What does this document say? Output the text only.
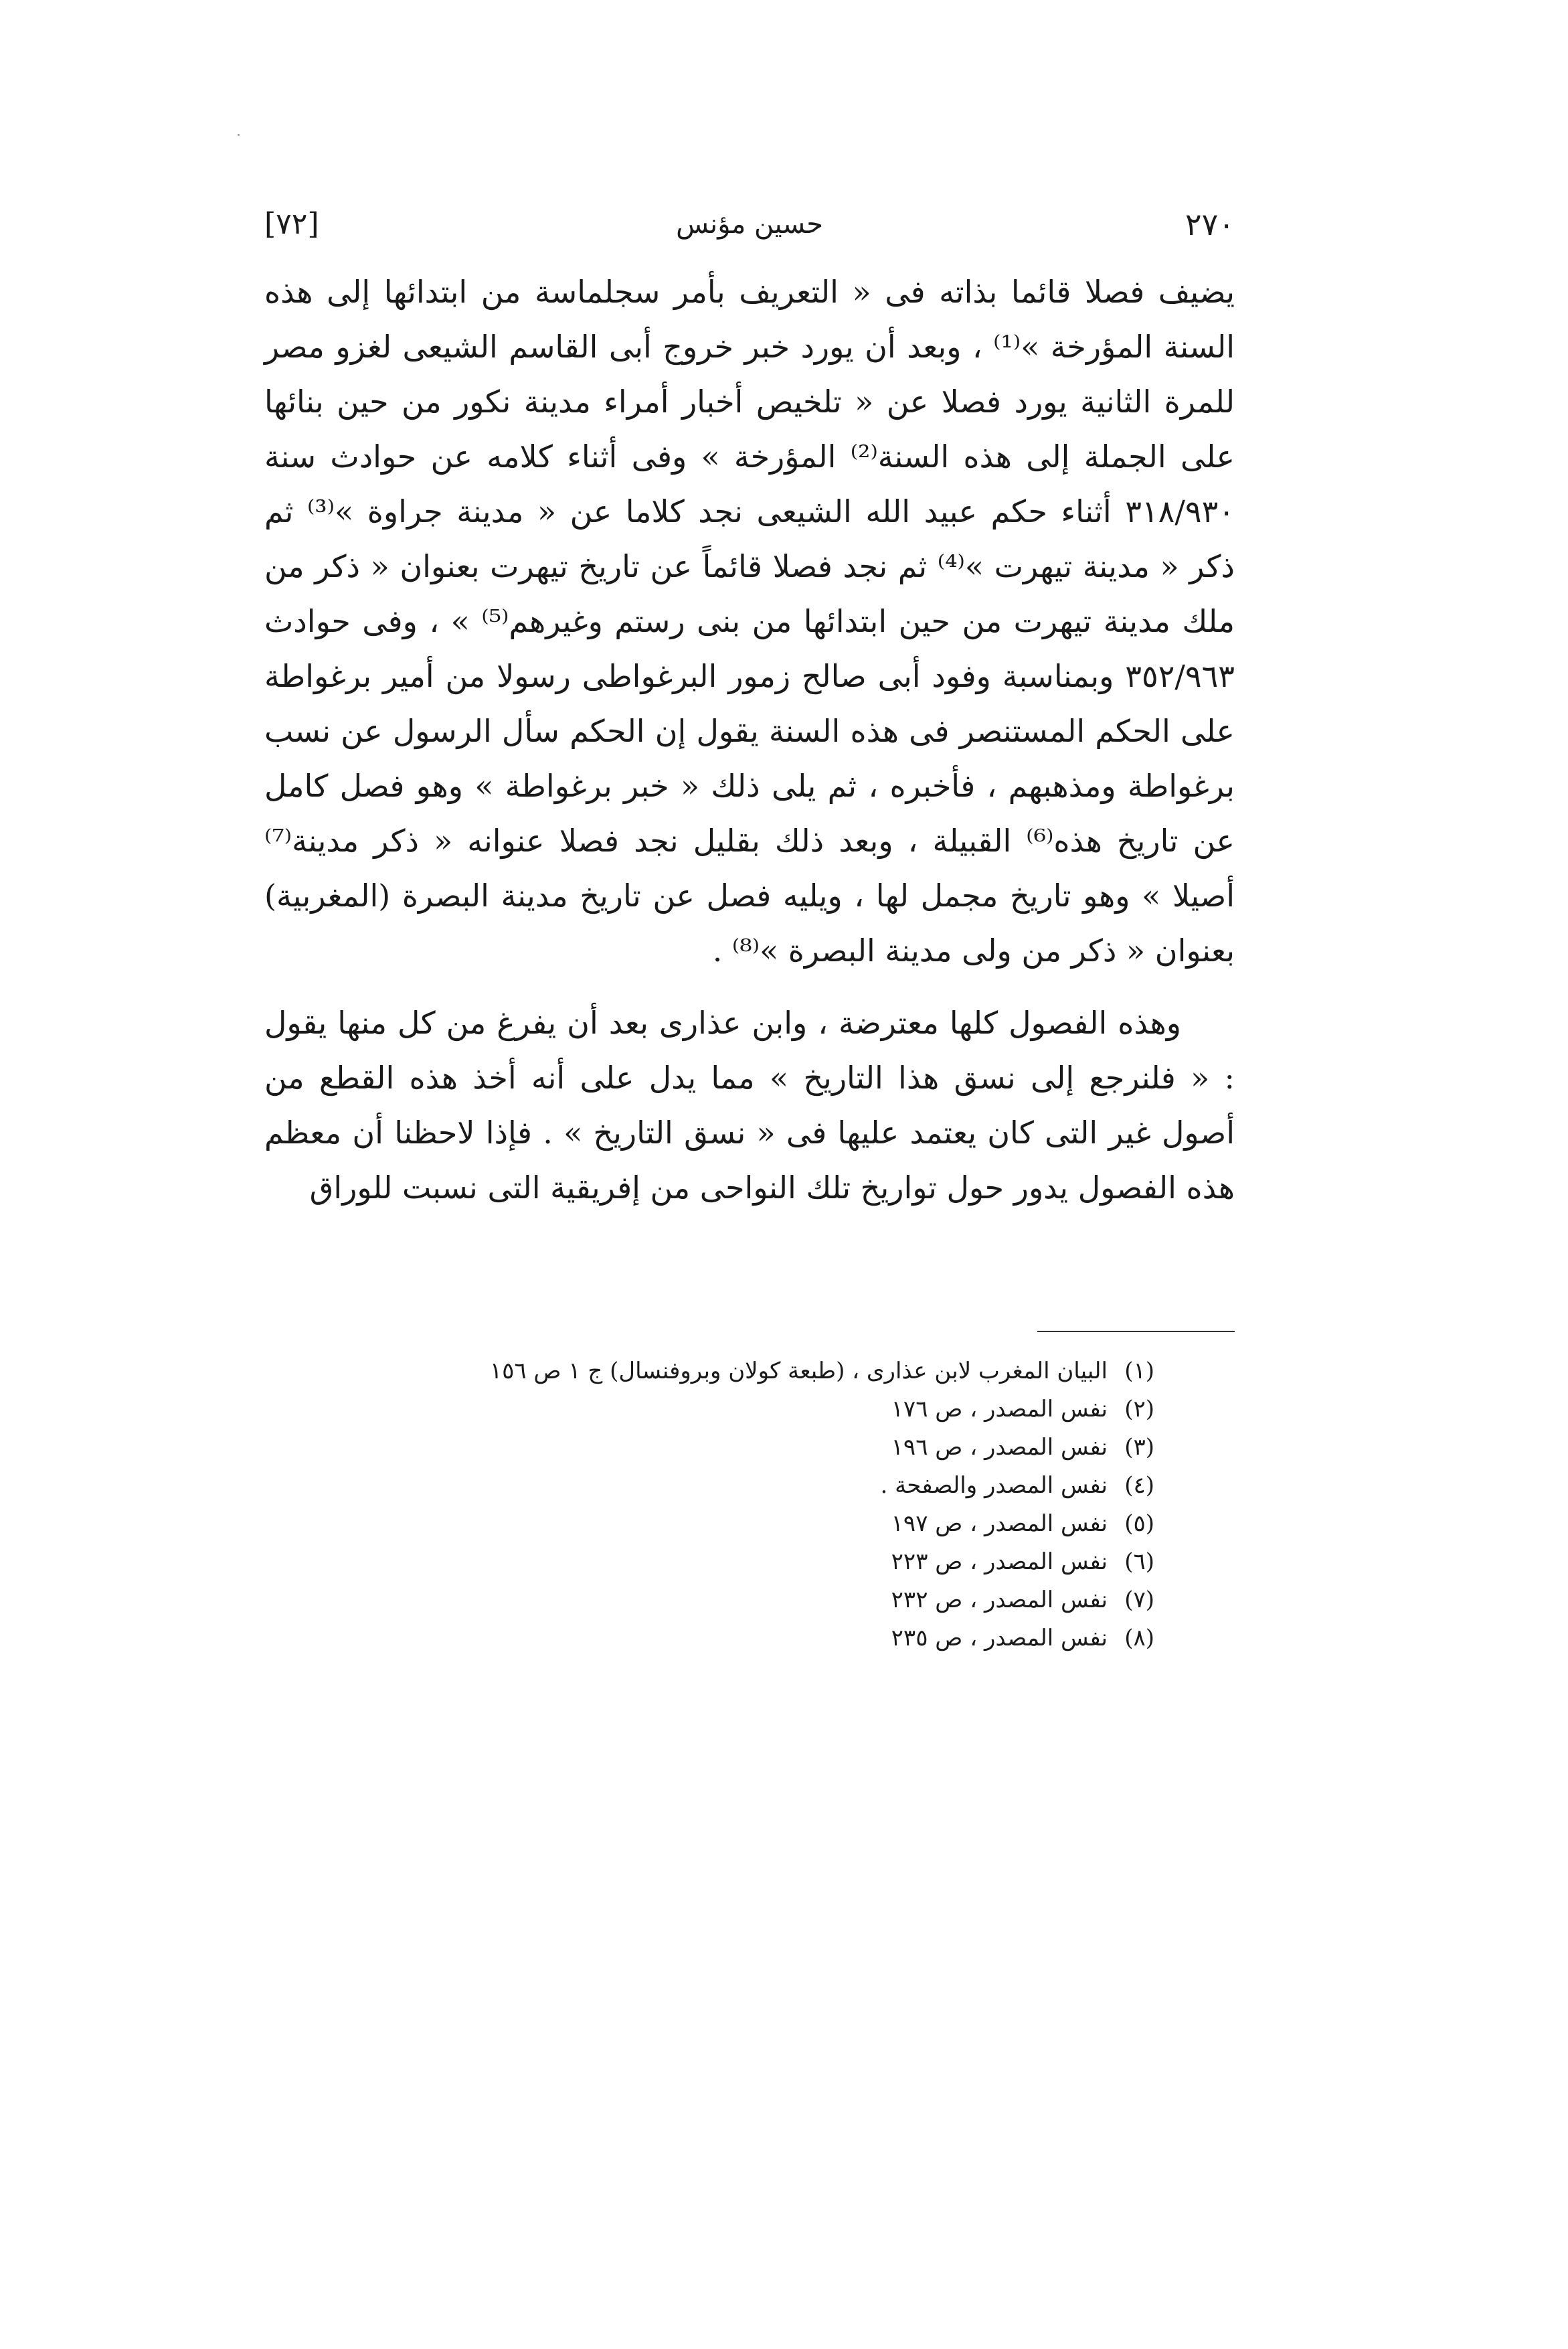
٢٧٠
حسين مؤنس
[٧٢]

يضيف فصلا قائما بذاته فى « التعريف بأمر سجلماسة من ابتدائها إلى هذه السنة المؤرخة »⁽¹⁾ ، وبعد أن يورد خبر خروج أبى القاسم الشيعى لغزو مصر للمرة الثانية يورد فصلا عن « تلخيص أخبار أمراء مدينة نكور من حين بنائها على الجملة إلى هذه السنة⁽²⁾ المؤرخة » وفى أثناء كلامه عن حوادث سنة ٣١٨/٩٣٠ أثناء حكم عبيد الله الشيعى نجد كلاما عن « مدينة جراوة »⁽³⁾ ثم ذكر « مدينة تيهرت »⁽⁴⁾ ثم نجد فصلا قائماً عن تاريخ تيهرت بعنوان « ذكر من ملك مدينة تيهرت من حين ابتدائها من بنى رستم وغيرهم⁽⁵⁾ » ، وفى حوادث ٣٥٢/٩٦٣ وبمناسبة وفود أبى صالح زمور البرغواطى رسولا من أمير برغواطة على الحكم المستنصر فى هذه السنة يقول إن الحكم سأل الرسول عن نسب برغواطة ومذهبهم ، فأخبره ، ثم يلى ذلك « خبر برغواطة » وهو فصل كامل عن تاريخ هذه⁽⁶⁾ القبيلة ، وبعد ذلك بقليل نجد فصلا عنوانه « ذكر مدينة⁽⁷⁾ أصيلا » وهو تاريخ مجمل لها ، ويليه فصل عن تاريخ مدينة البصرة (المغربية) بعنوان « ذكر من ولى مدينة البصرة »⁽⁸⁾ .

وهذه الفصول كلها معترضة ، وابن عذارى بعد أن يفرغ من كل منها يقول : « فلنرجع إلى نسق هذا التاريخ » مما يدل على أنه أخذ هذه القطع من أصول غير التى كان يعتمد عليها فى « نسق التاريخ » . فإذا لاحظنا أن معظم هذه الفصول يدور حول تواريخ تلك النواحى من إفريقية التى نسبت للوراق

(١)البيان المغرب لابن عذارى ، (طبعة كولان وبروفنسال) ج ١ ص ١٥٦
(٢)نفس المصدر ، ص ١٧٦
(٣)نفس المصدر ، ص ١٩٦
(٤)نفس المصدر والصفحة .
(٥)نفس المصدر ، ص ١٩٧
(٦)نفس المصدر ، ص ٢٢٣
(٧)نفس المصدر ، ص ٢٣٢
(٨)نفس المصدر ، ص ٢٣٥
